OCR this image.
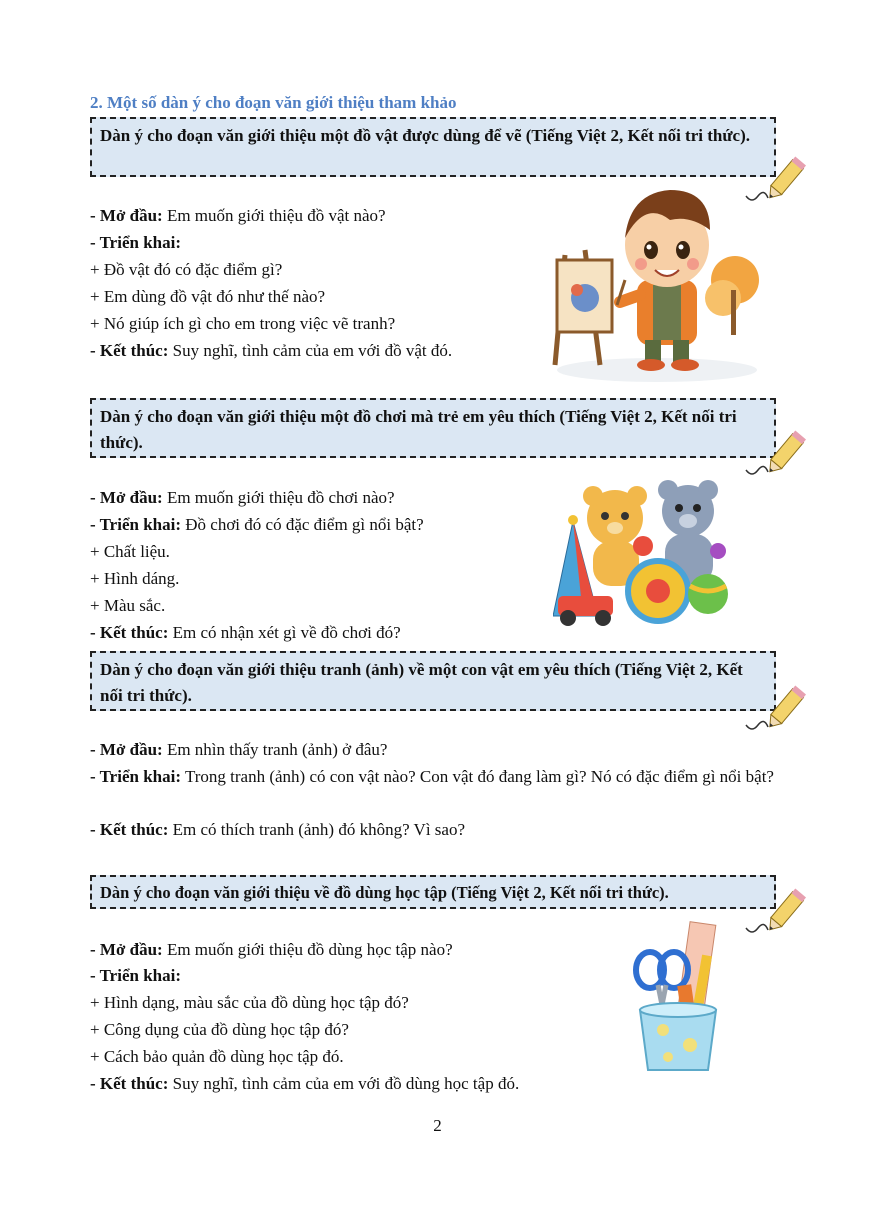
2. Một số dàn ý cho đoạn văn giới thiệu tham khảo
Dàn ý cho đoạn văn giới thiệu một đồ vật được dùng để vẽ (Tiếng Việt 2, Kết nối tri thức).
- Mở đầu: Em muốn giới thiệu đồ vật nào?
- Triển khai:
+ Đồ vật đó có đặc điểm gì?
+ Em dùng đồ vật đó như thế nào?
+ Nó giúp ích gì cho em trong việc vẽ tranh?
- Kết thúc: Suy nghĩ, tình cảm của em với đồ vật đó.
Dàn ý cho đoạn văn giới thiệu một đồ chơi mà trẻ em yêu thích (Tiếng Việt 2, Kết nối tri thức).
- Mở đầu: Em muốn giới thiệu đồ chơi nào?
- Triển khai: Đồ chơi đó có đặc điểm gì nổi bật?
+ Chất liệu.
+ Hình dáng.
+ Màu sắc.
- Kết thúc: Em có nhận xét gì về đồ chơi đó?
Dàn ý cho đoạn văn giới thiệu tranh (ảnh) về một con vật em yêu thích (Tiếng Việt 2, Kết nối tri thức).
- Mở đầu: Em nhìn thấy tranh (ảnh) ở đâu?
- Triển khai: Trong tranh (ảnh) có con vật nào? Con vật đó đang làm gì? Nó có đặc điểm gì nổi bật?
- Kết thúc: Em có thích tranh (ảnh) đó không? Vì sao?
Dàn ý cho đoạn văn giới thiệu về đồ dùng học tập (Tiếng Việt 2, Kết nối tri thức).
- Mở đầu: Em muốn giới thiệu đồ dùng học tập nào?
- Triển khai:
+ Hình dạng, màu sắc của đồ dùng học tập đó?
+ Công dụng của đồ dùng học tập đó?
+ Cách bảo quản đồ dùng học tập đó.
- Kết thúc: Suy nghĩ, tình cảm của em với đồ dùng học tập đó.
2
